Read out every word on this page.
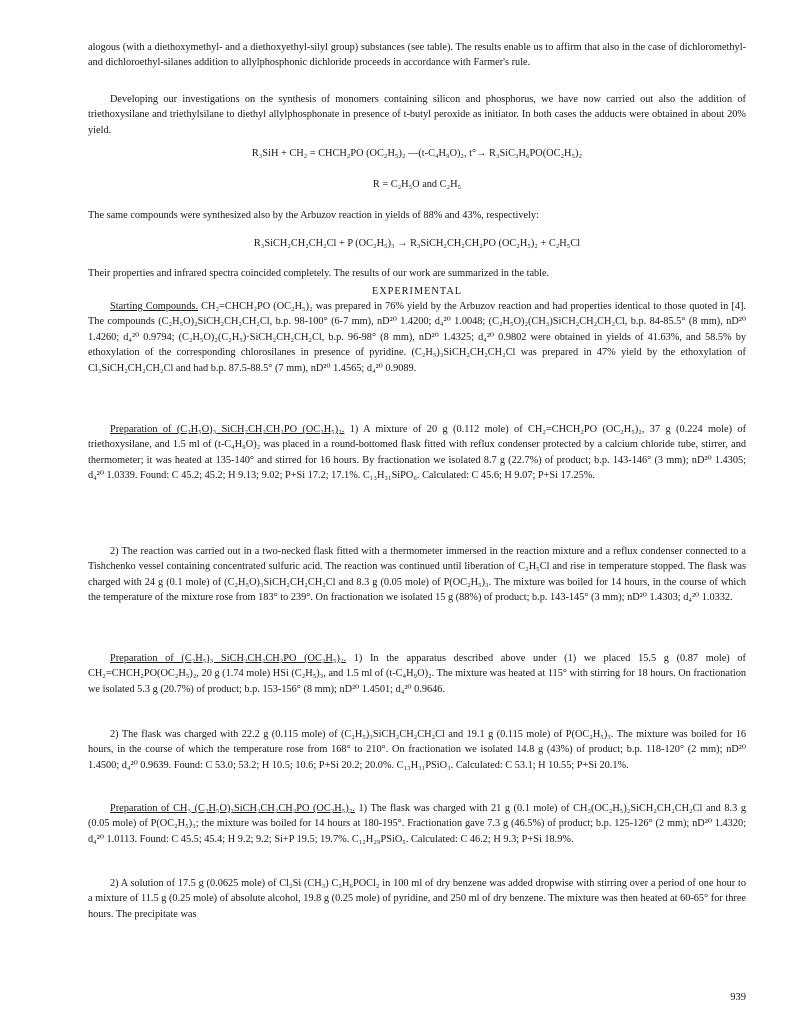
alogous (with a diethoxymethyl- and a diethoxyethyl-silyl group) substances (see table). The results enable us to affirm that also in the case of dichloromethyl- and dichloroethyl-silanes addition to allylphosphonic dichloride proceeds in accordance with Farmer's rule.

Developing our investigations on the synthesis of monomers containing silicon and phosphorus, we have now carried out also the addition of triethoxysilane and triethylsilane to diethyl allylphosphonate in presence of t-butyl peroxide as initiator. In both cases the adducts were obtained in about 20% yield.

R₃SiH + CH₂ = CHCH₂PO (OC₂H₅)₂ ―(t-C₄H₉O)₂, t°→ R₃SiC₃H₆PO(OC₂H₅)₂

R = C₂H₅O and C₂H₅

The same compounds were synthesized also by the Arbuzov reaction in yields of 88% and 43%, respectively:

R₃SiCH₂CH₂CH₂Cl + P (OC₂H₅)₃ → R₃SiCH₂CH₂CH₂PO (OC₂H₅)₂ + C₂H₅Cl

Their properties and infrared spectra coincided completely. The results of our work are summarized in the table.

EXPERIMENTAL

Starting Compounds. CH₂=CHCH₂PO (OC₂H₅)₂ was prepared in 76% yield by the Arbuzov reaction and had properties identical to those quoted in [4]. The compounds (C₂H₅O)₂SiCH₂CH₂CH₂Cl, b.p. 98-100° (6-7 mm), nD²⁰ 1.4200; d₄²⁰ 1.0048; (C₂H₅O)₂(CH₃)SiCH₂CH₂CH₂Cl, b.p. 84-85.5° (8 mm), nD²⁰ 1.4260; d₄²⁰ 0.9794; (C₂H₅O)₂(C₂H₅)·SiCH₂CH₂CH₂Cl, b.p. 96-98° (8 mm), nD²⁰ 1.4325; d₄²⁰ 0.9802 were obtained in yields of 41.63%, and 58.5% by ethoxylation of the corresponding chlorosilanes in presence of pyridine. (C₂H₅)₃SiCH₂CH₂CH₂Cl was prepared in 47% yield by the ethoxylation of Cl₃SiCH₂CH₂CH₂Cl and had b.p. 87.5-88.5° (7 mm), nD²⁰ 1.4565; d₄²⁰ 0.9089.

Preparation of (C₂H₅O)₃ SiCH₂CH₂CH₂PO (OC₂H₅)₂. 1) A mixture of 20 g (0.112 mole) of CH₂=CHCH₂PO (OC₂H₅)₂, 37 g (0.224 mole) of triethoxysilane, and 1.5 ml of (t-C₄H₉O)₂ was placed in a round-bottomed flask fitted with reflux condenser protected by a calcium chloride tube, stirrer, and thermometer; it was heated at 135-140° and stirred for 16 hours. By fractionation we isolated 8.7 g (22.7%) of product; b.p. 143-146° (3 mm); nD²⁰ 1.4305; d₄²⁰ 1.0339. Found: C 45.2; 45.2; H 9.13; 9.02; P+Si 17.2; 17.1%. C₁₃H₃₁SiPO₆. Calculated: C 45.6; H 9.07; P+Si 17.25%.

2) The reaction was carried out in a two-necked flask fitted with a thermometer immersed in the reaction mixture and a reflux condenser connected to a Tishchenko vessel containing concentrated sulfuric acid. The reaction was continued until liberation of C₂H₅Cl and rise in temperature stopped. The flask was charged with 24 g (0.1 mole) of (C₂H₅O)₃SiCH₂CH₂CH₂Cl and 8.3 g (0.05 mole) of P(OC₂H₅)₃. The mixture was boiled for 14 hours, in the course of which the temperature of the mixture rose from 183° to 239°. On fractionation we isolated 15 g (88%) of product; b.p. 143-145° (3 mm); nD²⁰ 1.4303; d₄²⁰ 1.0332.

Preparation of (C₂H₅)₃ SiCH₂CH₂CH₂PO (OC₂H₅)₂. 1) In the apparatus described above under (1) we placed 15.5 g (0.87 mole) of CH₂=CHCH₂PO(OC₂H₅)₂, 20 g (1.74 mole) HSi (C₂H₅)₃, and 1.5 ml of (t-C₄H₉O)₂. The mixture was heated at 115° with stirring for 18 hours. On fractionation we isolated 5.3 g (20.7%) of product; b.p. 153-156° (8 mm); nD²⁰ 1.4501; d₄²⁰ 0.9646.

2) The flask was charged with 22.2 g (0.115 mole) of (C₂H₅)₃SiCH₂CH₂CH₂Cl and 19.1 g (0.115 mole) of P(OC₂H₅)₃. The mixture was boiled for 16 hours, in the course of which the temperature rose from 168° to 210°. On fractionation we isolated 14.8 g (43%) of product; b.p. 118-120° (2 mm); nD²⁰ 1.4500; d₄²⁰ 0.9639. Found: C 53.0; 53.2; H 10.5; 10.6; P+Si 20.2; 20.0%. C₁₃H₃₁PSiO₃. Calculated: C 53.1; H 10.55; P+Si 20.1%.

Preparation of CH₃ (C₂H₅O)₂SiCH₂CH₂CH₂PO (OC₂H₅)₂. 1) The flask was charged with 21 g (0.1 mole) of CH₃(OC₂H₅)₂SiCH₂CH₂CH₂Cl and 8.3 g (0.05 mole) of P(OC₂H₅)₃; the mixture was boiled for 14 hours at 180-195°. Fractionation gave 7.3 g (46.5%) of product; b.p. 125-126° (2 mm); nD²⁰ 1.4320; d₄²⁰ 1.0113. Found: C 45.5; 45.4; H 9.2; 9.2; Si+P 19.5; 19.7%. C₁₂H₂₉PSiO₅. Calculated: C 46.2; H 9.3; P+Si 18.9%.

2) A solution of 17.5 g (0.0625 mole) of Cl₂Si (CH₃) C₃H₆POCl₂ in 100 ml of dry benzene was added dropwise with stirring over a period of one hour to a mixture of 11.5 g (0.25 mole) of absolute alcohol, 19.8 g (0.25 mole) of pyridine, and 250 ml of dry benzene. The mixture was then heated at 60-65° for three hours. The precipitate was

939
